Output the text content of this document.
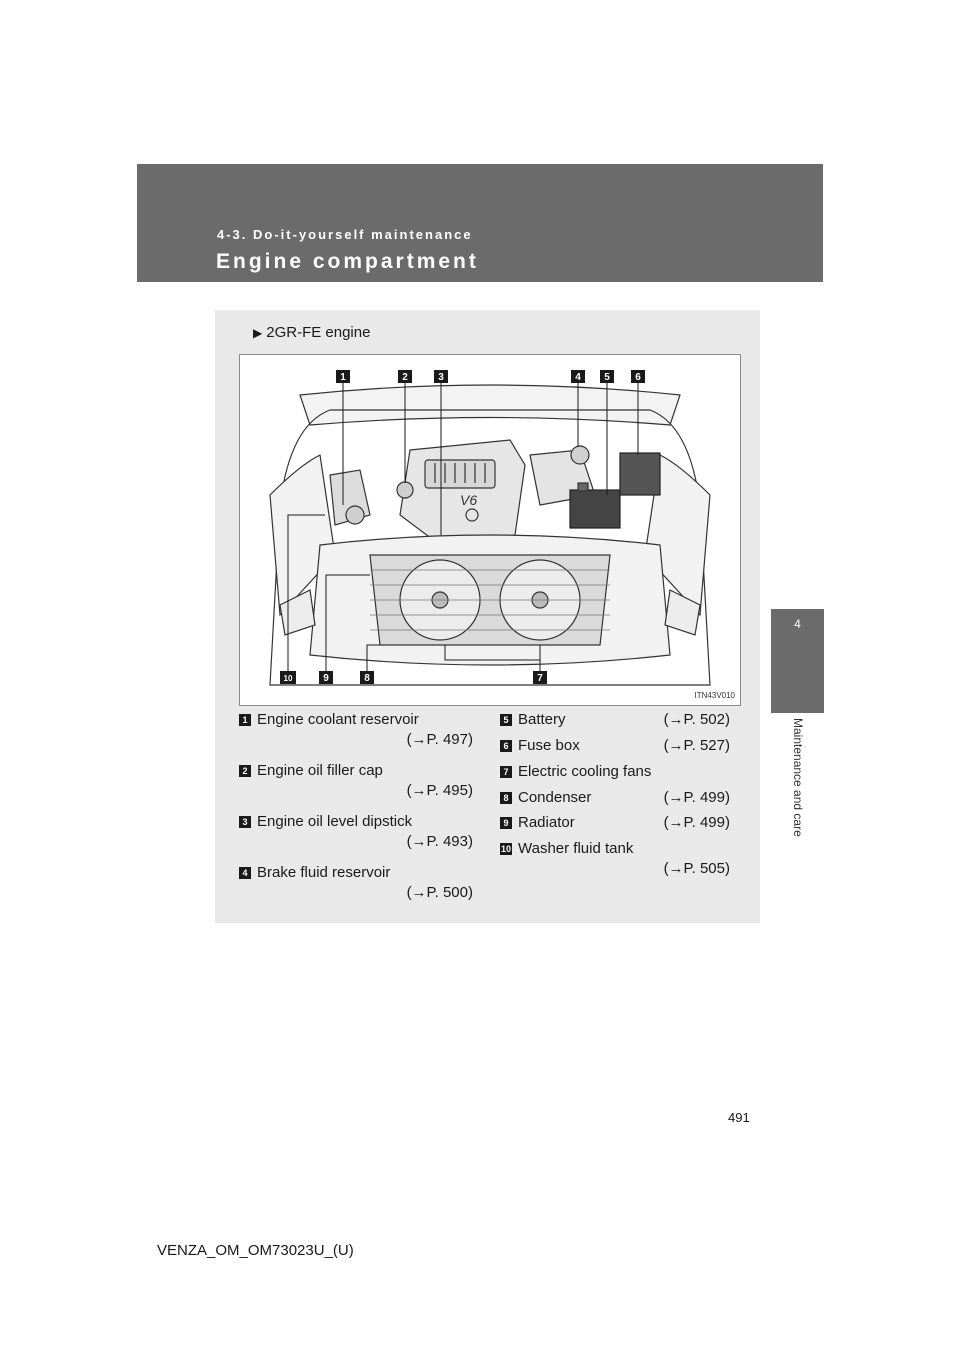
4-3. Do-it-yourself maintenance
Engine compartment
4
Maintenance and care
▶ 2GR-FE engine
V6
1	2	3	4 5	6
10	9	8	7
ITN43V010
1 Engine coolant reservoir
(→P. 497)
2 Engine oil filler cap
(→P. 495)
3 Engine oil level dipstick
(→P. 493)
4 Brake fluid reservoir
(→P. 500)
5 Battery	(→P. 502)
6 Fuse box	(→P. 527)
7 Electric cooling fans
8 Condenser	(→P. 499)
9 Radiator	(→P. 499)
10 Washer fluid tank
(→P. 505)
491
VENZA_OM_OM73023U_(U)
